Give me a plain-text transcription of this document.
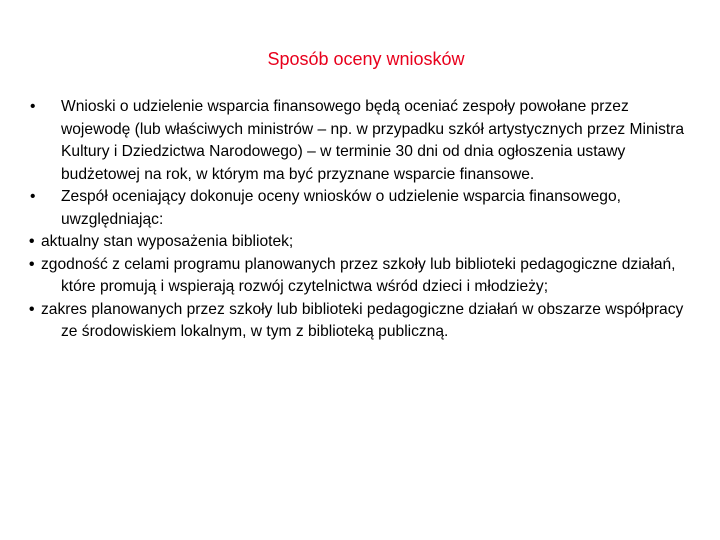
Sposób oceny wniosków

• Wnioski o udzielenie wsparcia finansowego będą oceniać zespoły powołane przez wojewodę (lub właściwych ministrów – np. w przypadku szkół artystycznych przez Ministra Kultury i Dziedzictwa Narodowego) – w terminie 30 dni od dnia ogłoszenia ustawy budżetowej na rok, w którym ma być przyznane wsparcie finansowe.

• Zespół oceniający dokonuje oceny wniosków o udzielenie wsparcia finansowego, uwzględniając:

• aktualny stan wyposażenia bibliotek;

• zgodność z celami programu planowanych przez szkoły lub biblioteki pedagogiczne działań, które promują i wspierają rozwój czytelnictwa wśród dzieci i młodzieży;

• zakres planowanych przez szkoły lub biblioteki pedagogiczne działań w obszarze współpracy ze środowiskiem lokalnym, w tym z biblioteką publiczną.
